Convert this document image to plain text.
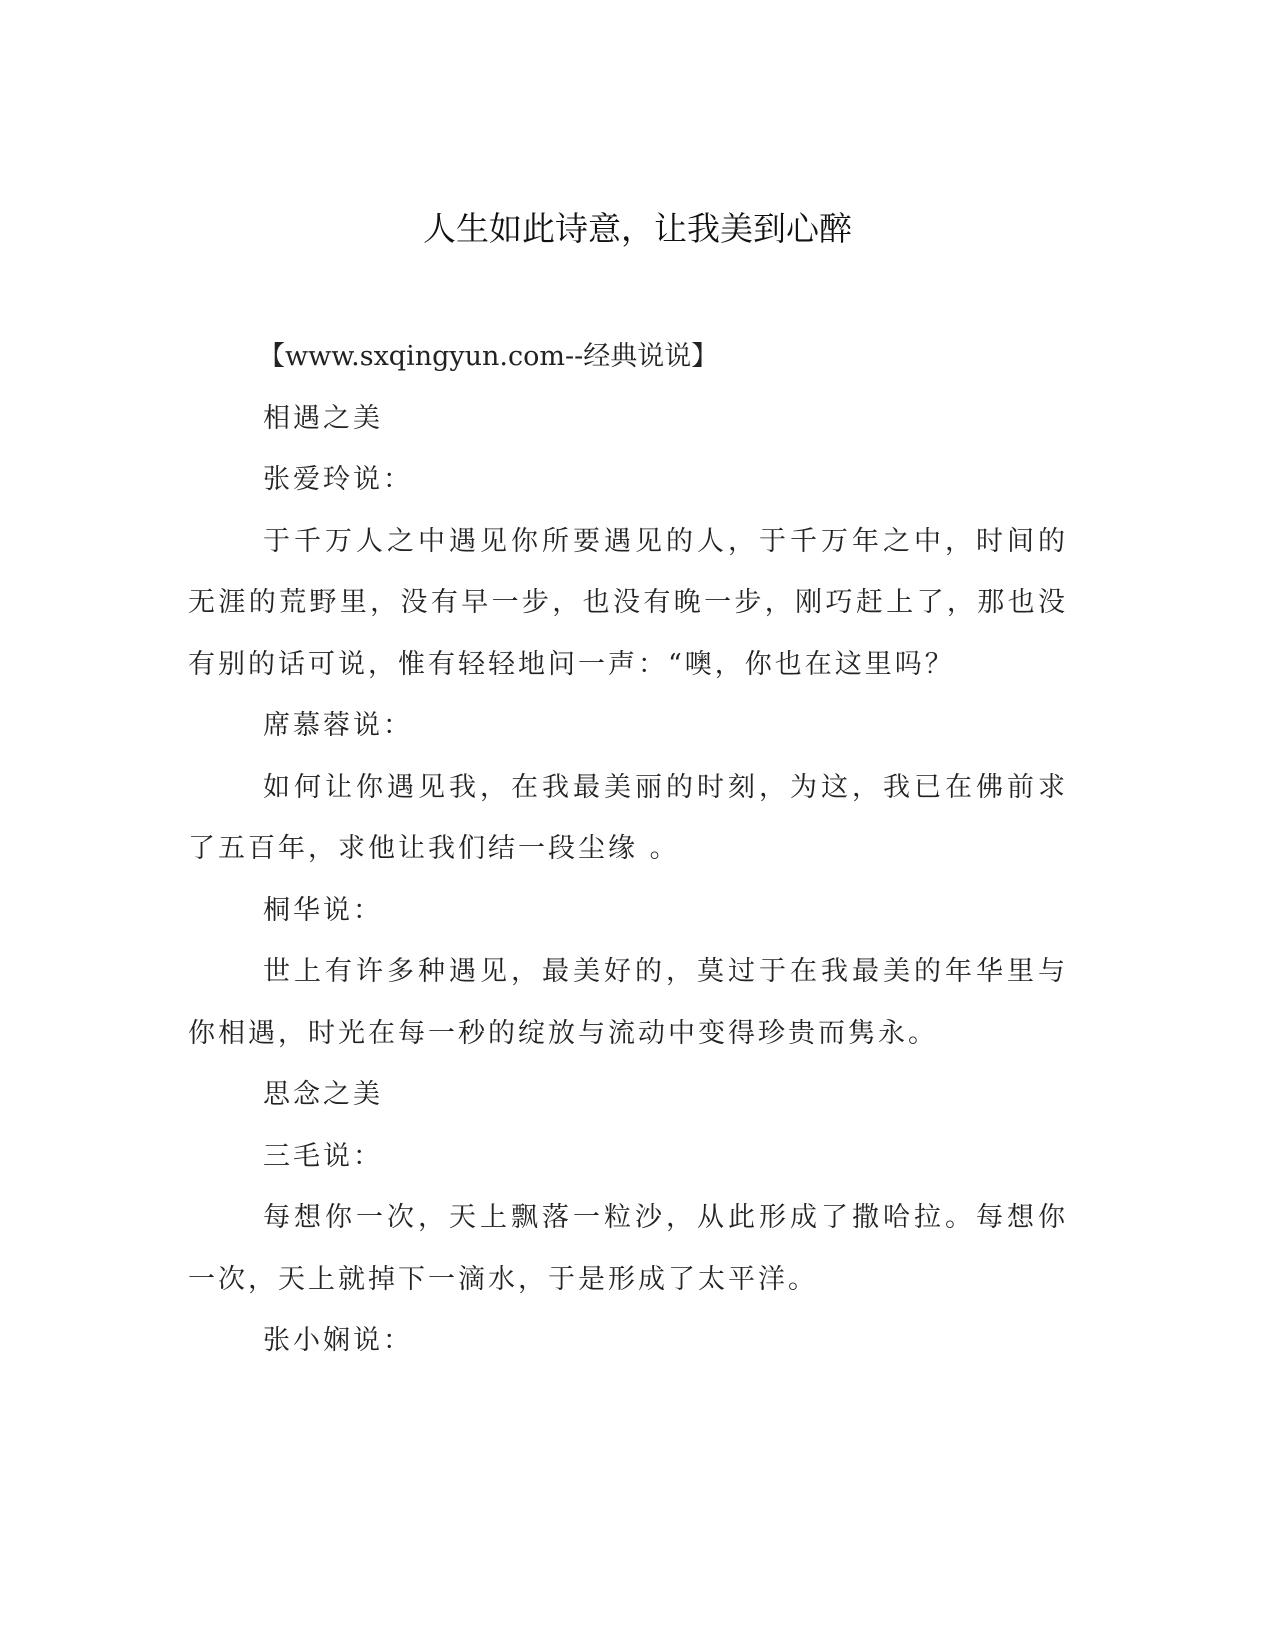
人生如此诗意，让我美到心醉

【www.sxqingyun.com--经典说说】

相遇之美

张爱玲说：

于千万人之中遇见你所要遇见的人，于千万年之中，时间的无涯的荒野里，没有早一步，也没有晚一步，刚巧赶上了，那也没有别的话可说，惟有轻轻地问一声：“噢，你也在这里吗？

席慕蓉说：

如何让你遇见我，在我最美丽的时刻，为这，我已在佛前求了五百年，求他让我们结一段尘缘 。

桐华说：

世上有许多种遇见，最美好的，莫过于在我最美的年华里与你相遇，时光在每一秒的绽放与流动中变得珍贵而隽永。

思念之美

三毛说：

每想你一次，天上飘落一粒沙，从此形成了撒哈拉。每想你一次，天上就掉下一滴水，于是形成了太平洋。

张小娴说：
